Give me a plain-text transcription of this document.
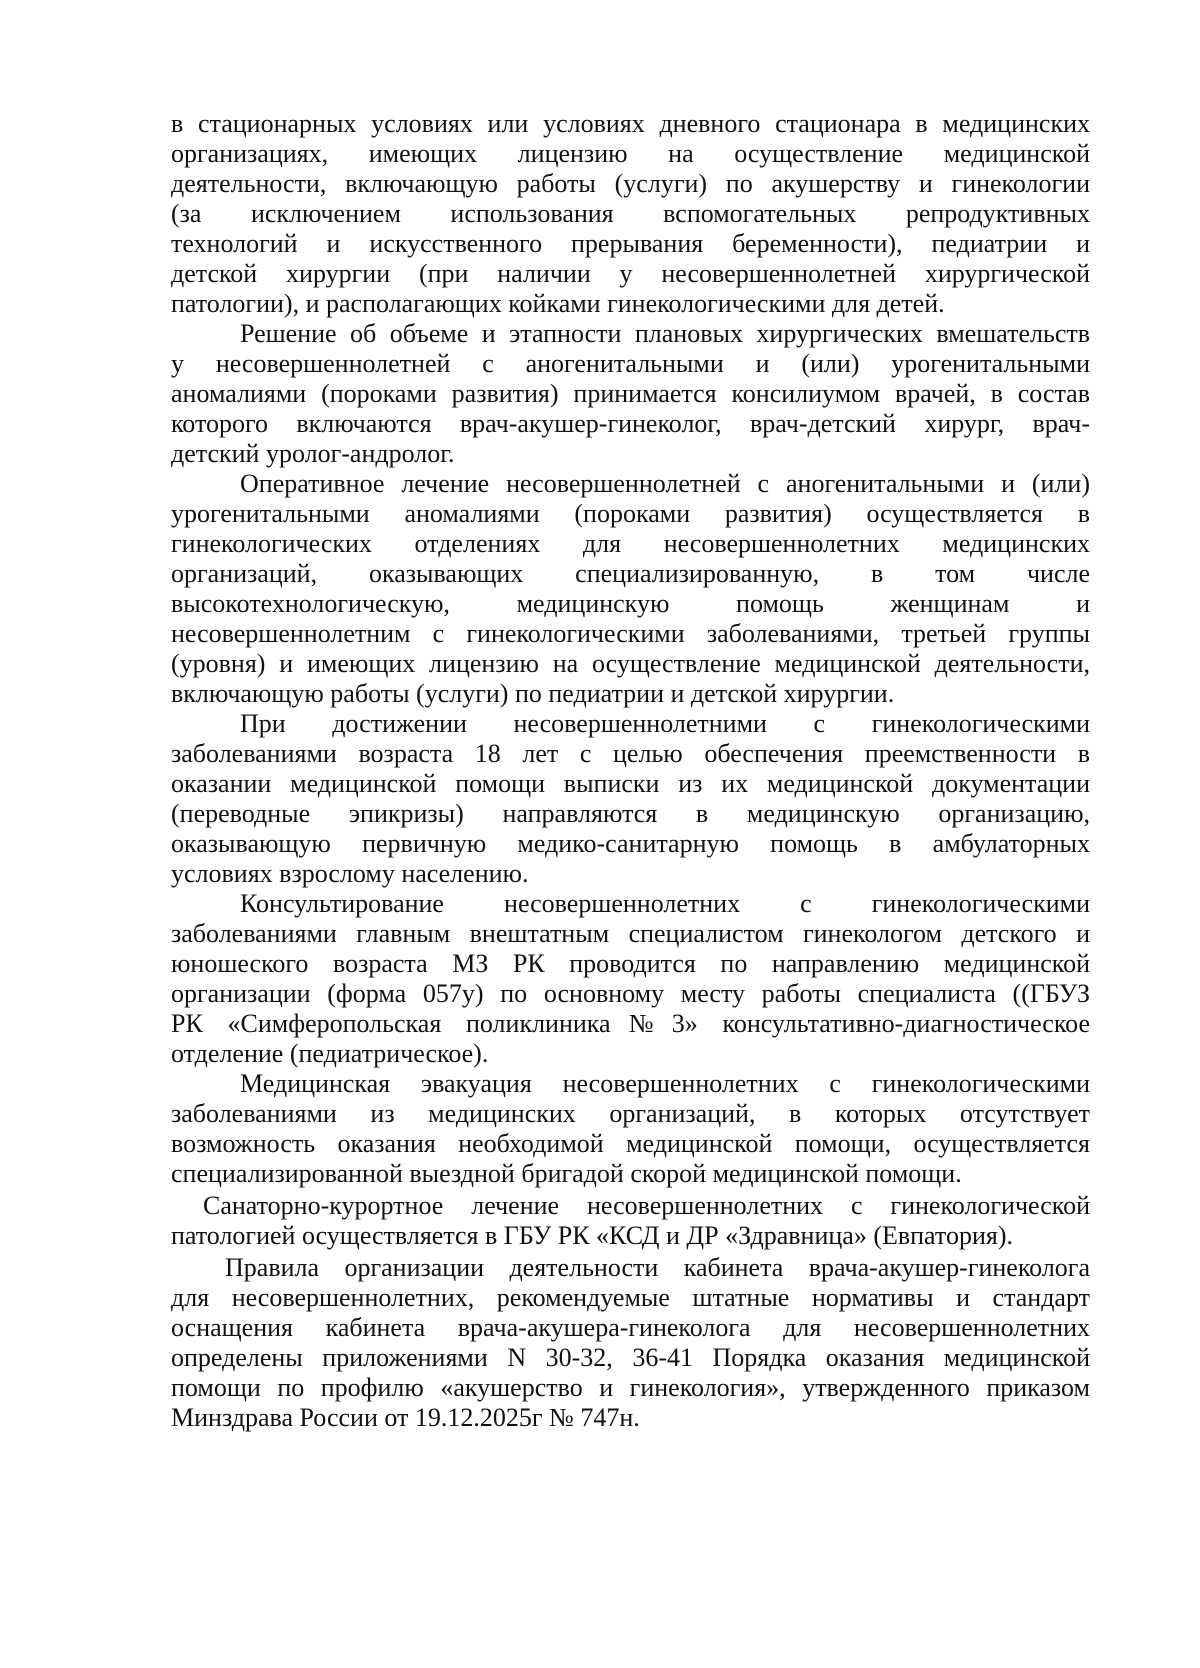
в стационарных условиях или условиях дневного стационара в медицинских

организациях, имеющих лицензию на осуществление медицинской

деятельности, включающую работы (услуги) по акушерству и гинекологии

(за исключением использования вспомогательных репродуктивных

технологий и искусственного прерывания беременности), педиатрии и

детской хирургии (при наличии у несовершеннолетней хирургической

патологии), и располагающих койками гинекологическими для детей.

Решение об объеме и этапности плановых хирургических вмешательств

у несовершеннолетней с аногенитальными и (или) урогенитальными

аномалиями (пороками развития) принимается консилиумом врачей, в состав

которого включаются врач-акушер-гинеколог, врач-детский хирург, врач-

детский уролог-андролог.

Оперативное лечение несовершеннолетней с аногенитальными и (или)

урогенитальными аномалиями (пороками развития) осуществляется в

гинекологических отделениях для несовершеннолетних медицинских

организаций, оказывающих специализированную, в том числе

высокотехнологическую, медицинскую помощь женщинам и

несовершеннолетним с гинекологическими заболеваниями, третьей группы

(уровня) и имеющих лицензию на осуществление медицинской деятельности,

включающую работы (услуги) по педиатрии и детской хирургии.

При достижении несовершеннолетними с гинекологическими

заболеваниями возраста 18 лет с целью обеспечения преемственности в

оказании медицинской помощи выписки из их медицинской документации

(переводные эпикризы) направляются в медицинскую организацию,

оказывающую первичную медико-санитарную помощь в амбулаторных

условиях взрослому населению.

Консультирование несовершеннолетних с гинекологическими

заболеваниями главным внештатным специалистом гинекологом детского и

юношеского возраста МЗ РК проводится по направлению медицинской

организации (форма 057у) по основному месту работы специалиста ((ГБУЗ

РК «Симферопольская поликлиника№3» консультативно-диагностическое

отделение (педиатрическое).

Медицинская эвакуация несовершеннолетних с гинекологическими

заболеваниями из медицинских организаций, в которых отсутствует

возможность оказания необходимой медицинской помощи, осуществляется

специализированной выездной бригадой скорой медицинской помощи.

Санаторно-курортное лечение несовершеннолетних с гинекологической

патологией осуществляется в ГБУ РК «КСД и ДР «Здравница» (Евпатория).

Правила организации деятельности кабинета врача-акушер-гинеколога

для несовершеннолетних, рекомендуемые штатные нормативы и стандарт

оснащения кабинета врача-акушера-гинеколога для несовершеннолетних

определены приложениями N 30-32, 36-41 Порядка оказания медицинской

помощи по профилю «акушерство и гинекология», утвержденного приказом

Минздрава России от 19.12.2025г № 747н.
